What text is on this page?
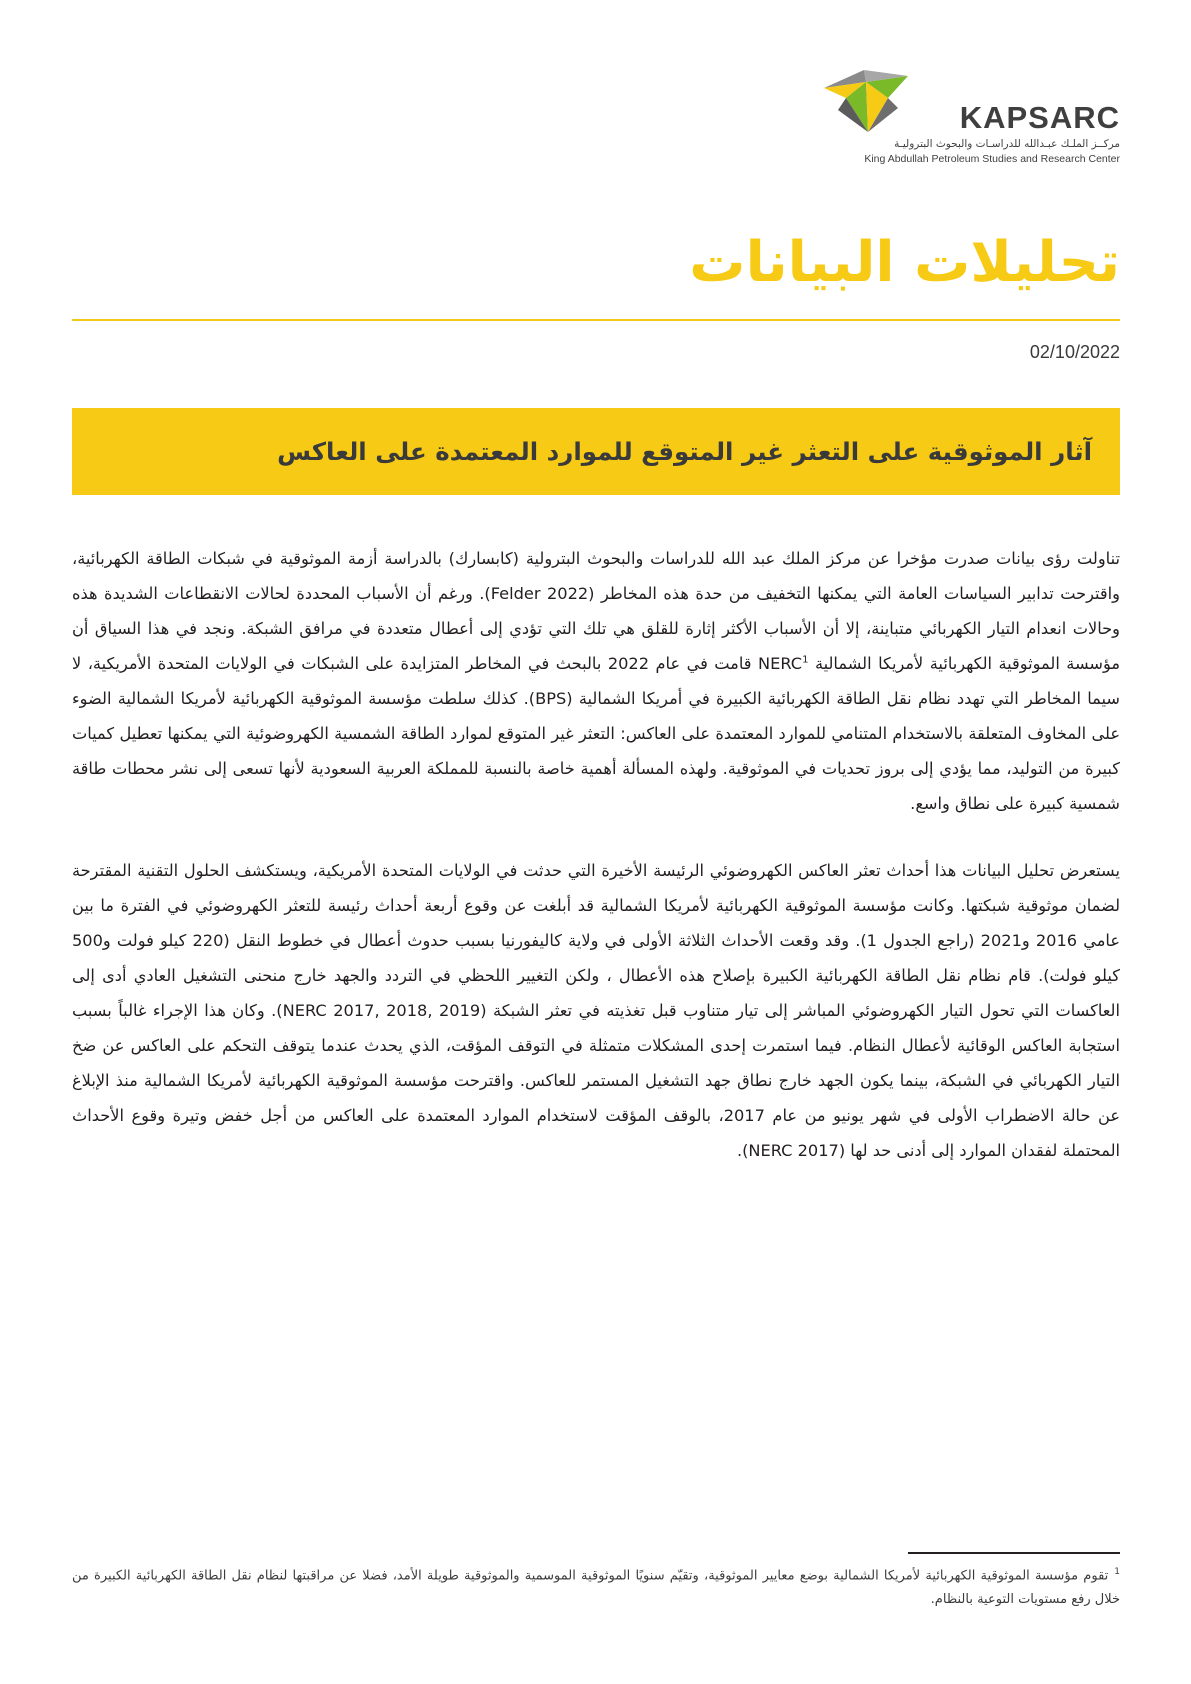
KAPSARC
مركــز الملـك عبـدالله للدراسـات والبحوث البتروليـة
King Abdullah Petroleum Studies and Research Center
تحليلات البيانات
02/10/2022
آثار الموثوقية على التعثر غير المتوقع للموارد المعتمدة على العاكس

تناولت رؤى بيانات صدرت مؤخرا عن مركز الملك عبد الله للدراسات والبحوث البترولية (كابسارك) بالدراسة أزمة الموثوقية في شبكات الطاقة الكهربائية، واقترحت تدابير السياسات العامة التي يمكنها التخفيف من حدة هذه المخاطر (Felder 2022). ورغم أن الأسباب المحددة لحالات الانقطاعات الشديدة هذه وحالات انعدام التيار الكهربائي متباينة، إلا أن الأسباب الأكثر إثارة للقلق هي تلك التي تؤدي إلى أعطال متعددة في مرافق الشبكة. ونجد في هذا السياق أن مؤسسة الموثوقية الكهربائية لأمريكا الشمالية NERC$^1$ قامت في عام 2022 بالبحث في المخاطر المتزايدة على الشبكات في الولايات المتحدة الأمريكية، لا سيما المخاطر التي تهدد نظام نقل الطاقة الكهربائية الكبيرة في أمريكا الشمالية (BPS). كذلك سلطت مؤسسة الموثوقية الكهربائية لأمريكا الشمالية الضوء على المخاوف المتعلقة بالاستخدام المتنامي للموارد المعتمدة على العاكس: التعثر غير المتوقع لموارد الطاقة الشمسية الكهروضوئية التي يمكنها تعطيل كميات كبيرة من التوليد، مما يؤدي إلى بروز تحديات في الموثوقية. ولهذه المسألة أهمية خاصة بالنسبة للمملكة العربية السعودية لأنها تسعى إلى نشر محطات طاقة شمسية كبيرة على نطاق واسع.

يستعرض تحليل البيانات هذا أحداث تعثر العاكس الكهروضوئي الرئيسة الأخيرة التي حدثت في الولايات المتحدة الأمريكية، ويستكشف الحلول التقنية المقترحة لضمان موثوقية شبكتها. وكانت مؤسسة الموثوقية الكهربائية لأمريكا الشمالية قد أبلغت عن وقوع أربعة أحداث رئيسة للتعثر الكهروضوئي في الفترة ما بين عامي 2016 و2021 (راجع الجدول 1). وقد وقعت الأحداث الثلاثة الأولى في ولاية كاليفورنيا بسبب حدوث أعطال في خطوط النقل (220 كيلو فولت و500 كيلو فولت). قام نظام نقل الطاقة الكهربائية الكبيرة بإصلاح هذه الأعطال ، ولكن التغيير اللحظي في التردد والجهد خارج منحنى التشغيل العادي أدى إلى العاكسات التي تحول التيار الكهروضوئي المباشر إلى تيار متناوب قبل تغذيته في تعثر الشبكة (NERC 2017, 2018, 2019). وكان هذا الإجراء غالباً بسبب استجابة العاكس الوقائية لأعطال النظام. فيما استمرت إحدى المشكلات متمثلة في التوقف المؤقت، الذي يحدث عندما يتوقف التحكم على العاكس عن ضخ التيار الكهربائي في الشبكة، بينما يكون الجهد خارج نطاق جهد التشغيل المستمر للعاكس. واقترحت مؤسسة الموثوقية الكهربائية لأمريكا الشمالية منذ الإبلاغ عن حالة الاضطراب الأولى في شهر يونيو من عام 2017، بالوقف المؤقت لاستخدام الموارد المعتمدة على العاكس من أجل خفض وتيرة وقوع الأحداث المحتملة لفقدان الموارد إلى أدنى حد لها (NERC 2017).

$^1$تقوم مؤسسة الموثوقية الكهربائية لأمريكا الشمالية بوضع معايير الموثوقية، وتقيّم سنويًا الموثوقية الموسمية والموثوقية طويلة الأمد، فضلا عن مراقبتها لنظام نقل الطاقة الكهربائية الكبيرة من خلال رفع مستويات التوعية بالنظام.
